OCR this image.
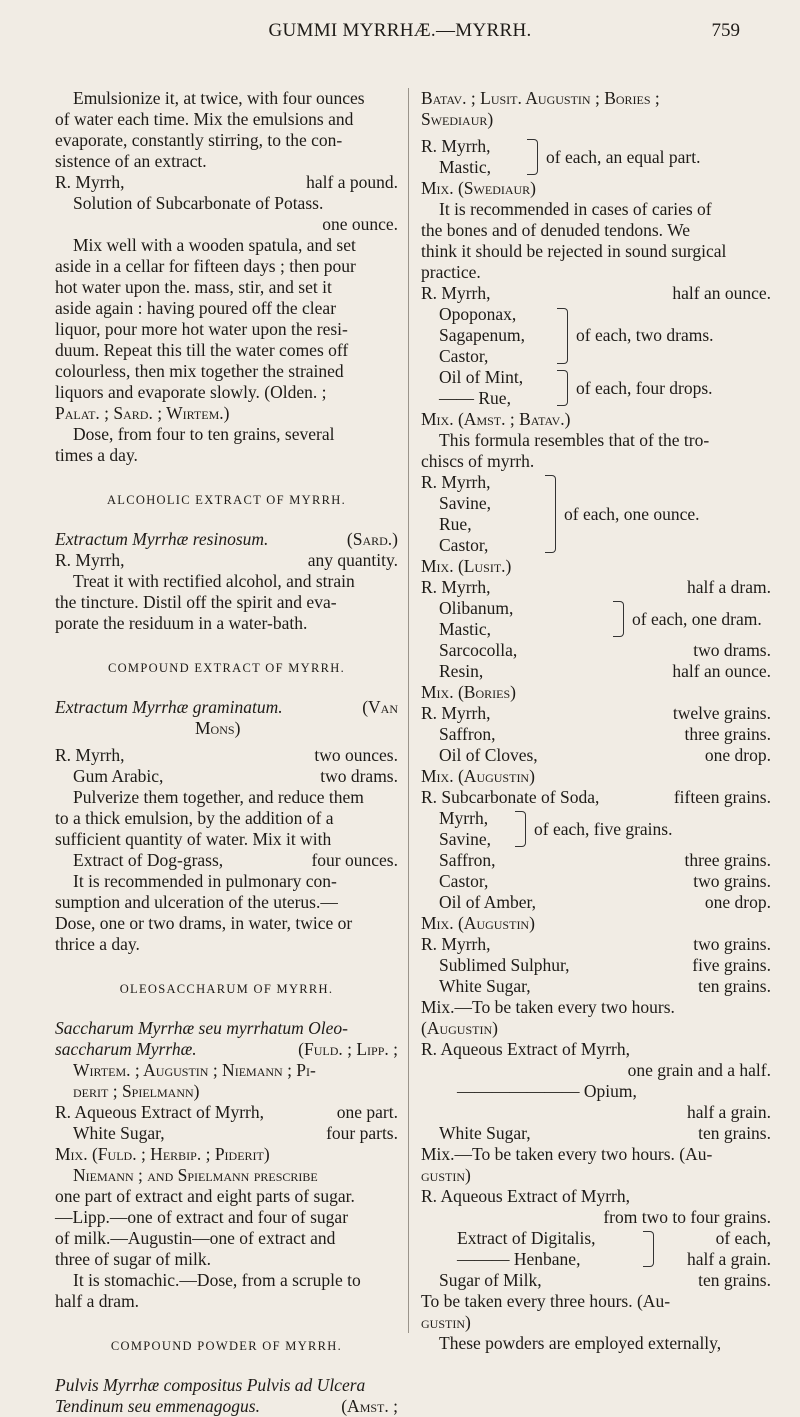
GUMMI MYRRHÆ.—MYRRH.	759
Emulsionize it, at twice, with four ounces
of water each time. Mix the emulsions and
evaporate, constantly stirring, to the con-
sistence of an extract.
R. Myrrh,	half a pound.
Solution of Subcarbonate of Potass.
one ounce.
Mix well with a wooden spatula, and set
aside in a cellar for fifteen days ; then pour
hot water upon the. mass, stir, and set it
aside again : having poured off the clear
liquor, pour more hot water upon the resi-
duum. Repeat this till the water comes off
colourless, then mix together the strained
liquors and evaporate slowly. (Olden. ;
Palat. ; Sard. ; Wirtem.)
Dose, from four to ten grains, several
times a day.
ALCOHOLIC EXTRACT OF MYRRH.
Extractum Myrrhæ resinosum.	(Sard.)
R. Myrrh,	any quantity.
Treat it with rectified alcohol, and strain
the tincture. Distil off the spirit and eva-
porate the residuum in a water-bath.
COMPOUND EXTRACT OF MYRRH.
Extractum Myrrhæ graminatum.	(Van
Mons)
R. Myrrh,	two ounces.
Gum Arabic,	two drams.
Pulverize them together, and reduce them
to a thick emulsion, by the addition of a
sufficient quantity of water. Mix it with
Extract of Dog-grass,	four ounces.
It is recommended in pulmonary con-
sumption and ulceration of the uterus.—
Dose, one or two drams, in water, twice or
thrice a day.
OLEOSACCHARUM OF MYRRH.
Saccharum Myrrhæ seu myrrhatum Oleo-
saccharum Myrrhæ.	(Fuld. ; Lipp. ;
Wirtem. ; Augustin ; Niemann ; Pi-
derit ; Spielmann)
R. Aqueous Extract of Myrrh,	one part.
White Sugar,	four parts.
Mix. (Fuld. ; Herbip. ; Piderit)
Niemann ; and Spielmann prescribe
one part of extract and eight parts of sugar.
—Lipp.—one of extract and four of sugar
of milk.—Augustin—one of extract and
three of sugar of milk.
It is stomachic.—Dose, from a scruple to
half a dram.
COMPOUND POWDER OF MYRRH.
Pulvis Myrrhæ compositus Pulvis ad Ulcera
Tendinum seu emmenagogus.	(Amst. ;
Batav. ; Lusit. Augustin ; Bories ;
Swediaur)
R. Myrrh,
Mastic,
of each, an equal part.
Mix. (Swediaur)
It is recommended in cases of caries of
the bones and of denuded tendons. We
think it should be rejected in sound surgical
practice.
R. Myrrh,	half an ounce.
Opoponax,
Sagapenum,
Castor,
of each, two drams.
Oil of Mint,
—— Rue,
of each, four drops.
Mix. (Amst. ; Batav.)
This formula resembles that of the tro-
chiscs of myrrh.
R. Myrrh,
Savine,
Rue,
Castor,
of each, one ounce.
Mix. (Lusit.)
R. Myrrh,	half a dram.
Olibanum,
Mastic,
of each, one dram.
Sarcocolla,	two drams.
Resin,	half an ounce.
Mix. (Bories)
R. Myrrh,	twelve grains.
Saffron,	three grains.
Oil of Cloves,	one drop.
Mix. (Augustin)
R. Subcarbonate of Soda,	fifteen grains.
Myrrh,
Savine,
of each, five grains.
Saffron,	three grains.
Castor,	two grains.
Oil of Amber,	one drop.
Mix. (Augustin)
R. Myrrh,	two grains.
Sublimed Sulphur,	five grains.
White Sugar,	ten grains.
Mix.—To be taken every two hours.
(Augustin)
R. Aqueous Extract of Myrrh,
one grain and a half.
——————— Opium,
half a grain.
White Sugar,	ten grains.
Mix.—To be taken every two hours. (Au-
gustin)
R. Aqueous Extract of Myrrh,
from two to four grains.
Extract of Digitalis,
——— Henbane,
of each,
half a grain.
Sugar of Milk,	ten grains.
To be taken every three hours. (Au-
gustin)
These powders are employed externally,
